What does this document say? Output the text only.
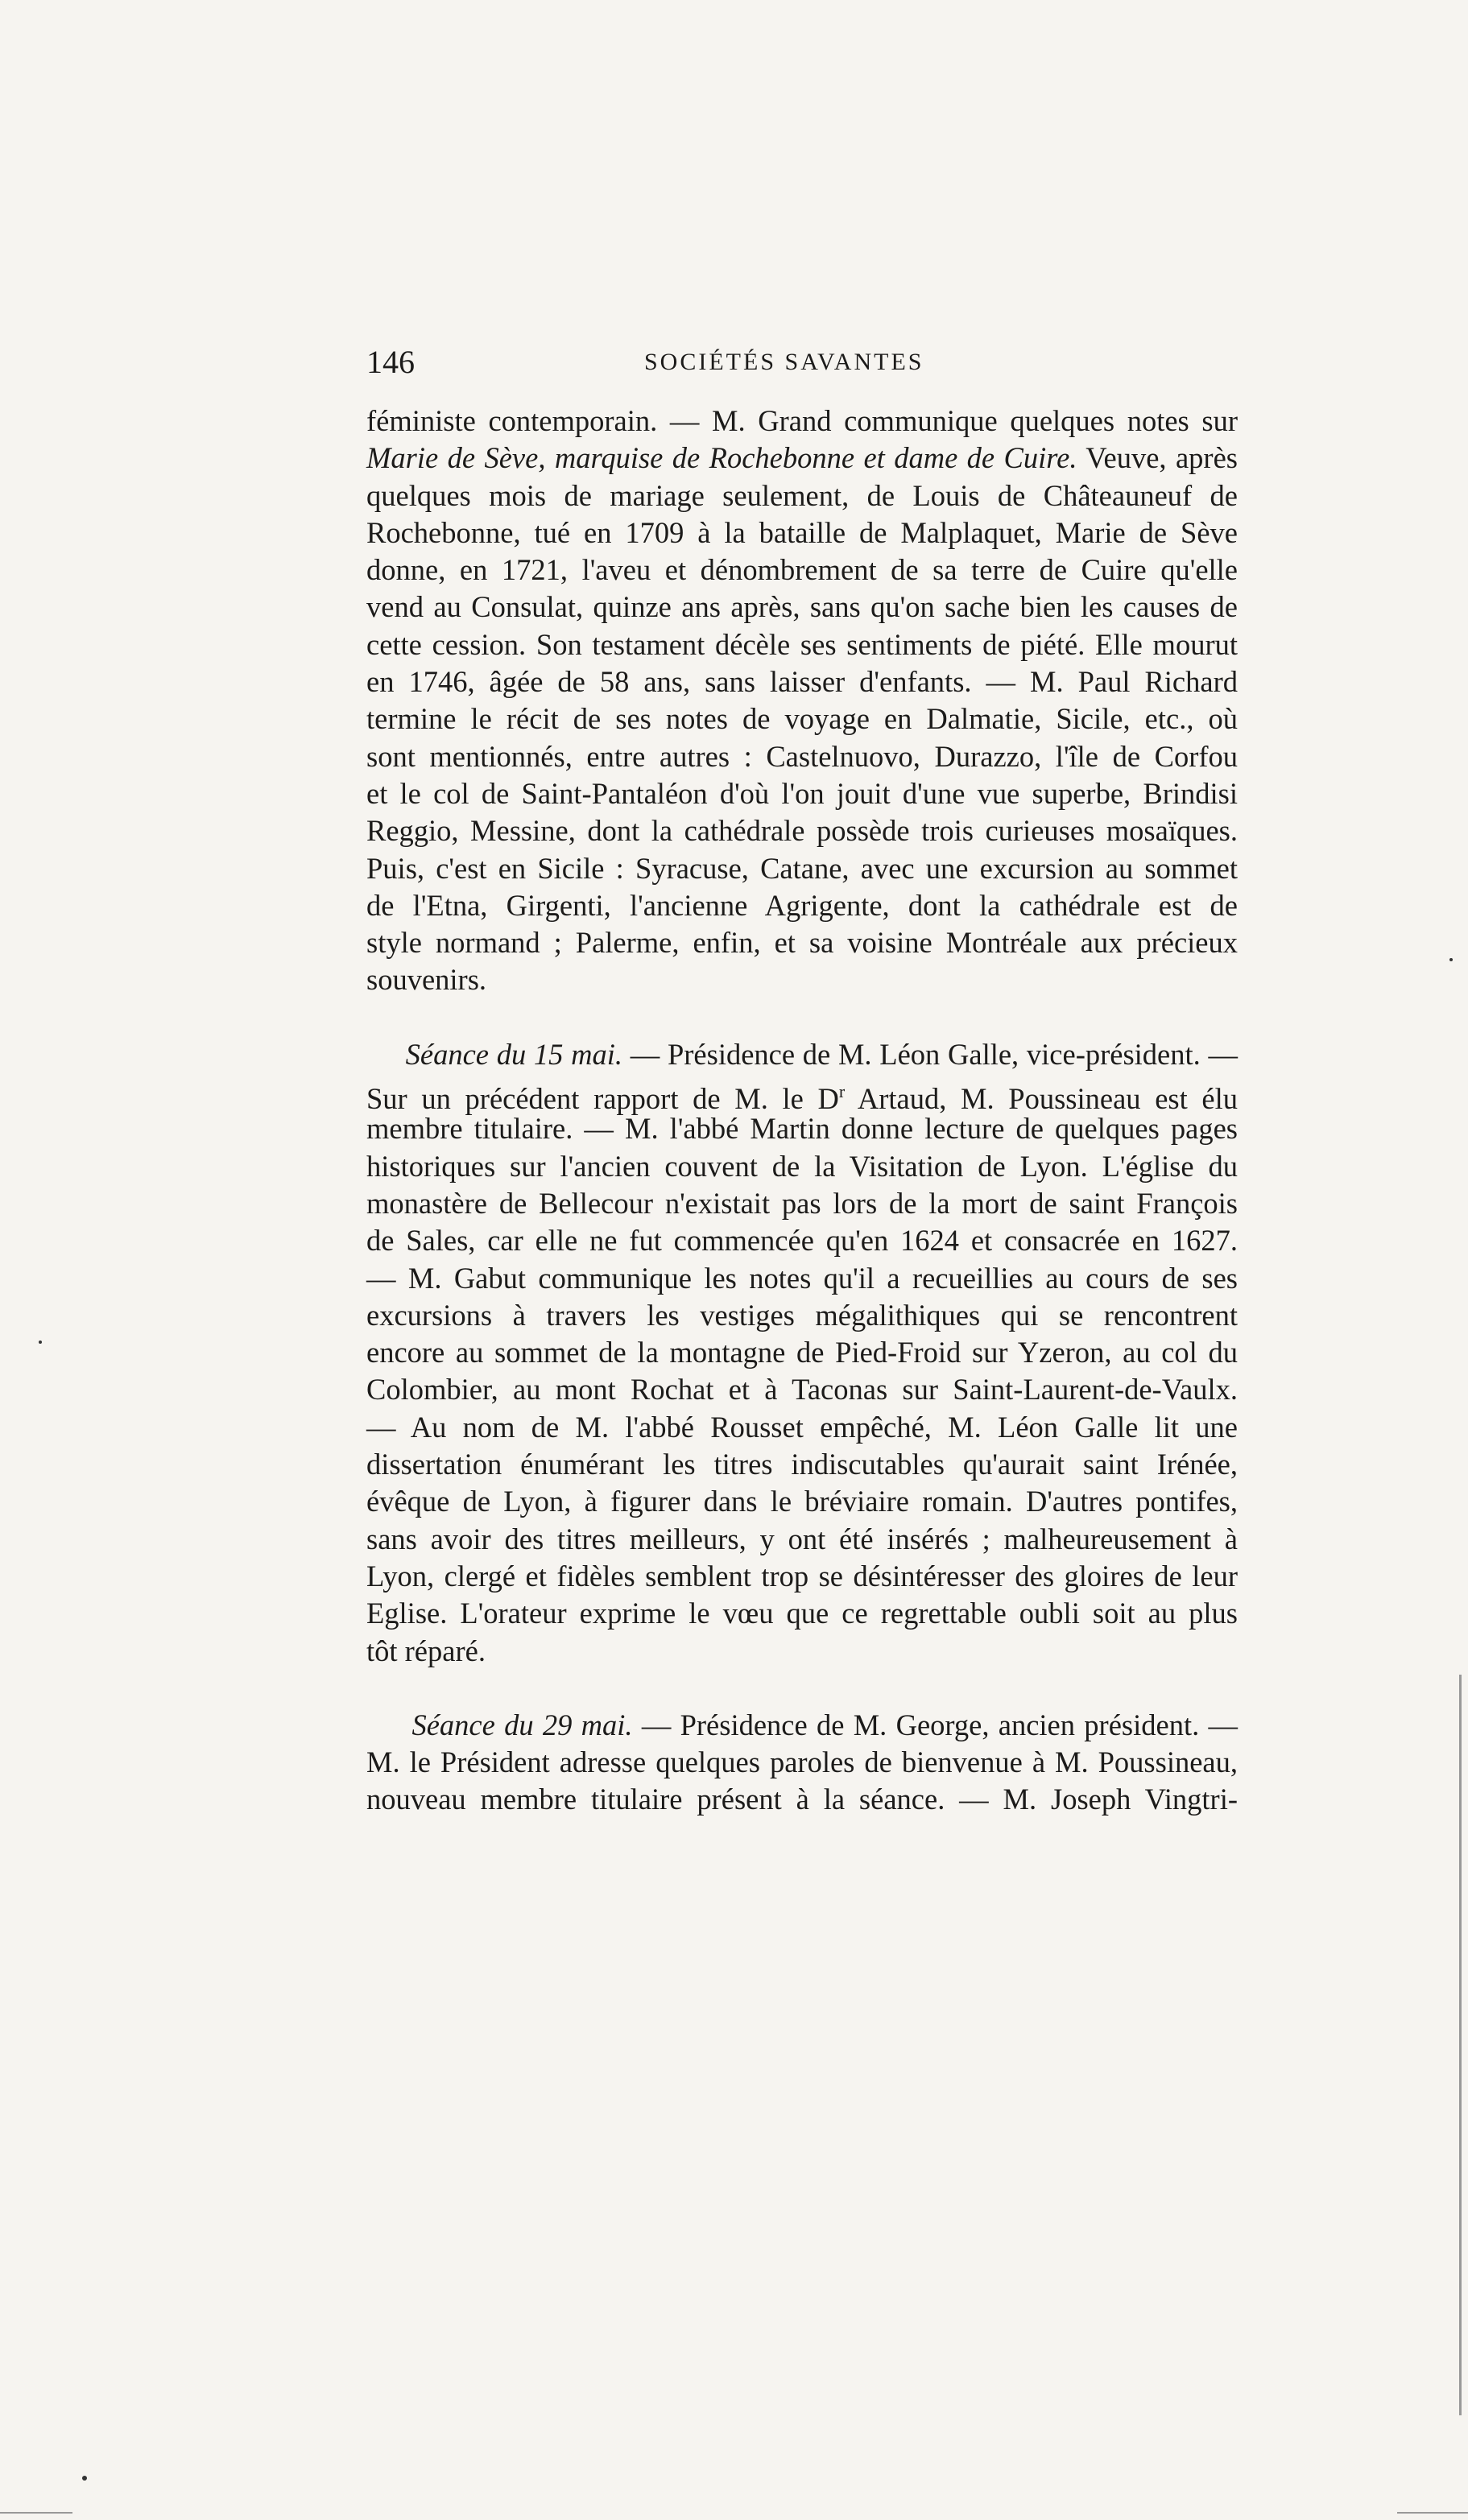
146	SOCIÉTÉS SAVANTES
féministe contemporain. — M. Grand communique quelques notes sur
Marie de Sève, marquise de Rochebonne et dame de Cuire. Veuve, après
quelques mois de mariage seulement, de Louis de Châteauneuf de
Rochebonne, tué en 1709 à la bataille de Malplaquet, Marie de Sève
donne, en 1721, l'aveu et dénombrement de sa terre de Cuire qu'elle
vend au Consulat, quinze ans après, sans qu'on sache bien les causes de
cette cession. Son testament décèle ses sentiments de piété. Elle mourut
en 1746, âgée de 58 ans, sans laisser d'enfants. — M. Paul Richard
termine le récit de ses notes de voyage en Dalmatie, Sicile, etc., où
sont mentionnés, entre autres : Castelnuovo, Durazzo, l'île de Corfou
et le col de Saint-Pantaléon d'où l'on jouit d'une vue superbe, Brindisi
Reggio, Messine, dont la cathédrale possède trois curieuses mosaïques.
Puis, c'est en Sicile : Syracuse, Catane, avec une excursion au sommet
de l'Etna, Girgenti, l'ancienne Agrigente, dont la cathédrale est de
style normand ; Palerme, enfin, et sa voisine Montréale aux précieux
souvenirs.
Séance du 15 mai. — Présidence de M. Léon Galle, vice-président. —
Sur un précédent rapport de M. le $D^r$ Artaud, M. Poussineau est élu
membre titulaire. — M. l'abbé Martin donne lecture de quelques pages
historiques sur l'ancien couvent de la Visitation de Lyon. L'église du
monastère de Bellecour n'existait pas lors de la mort de saint François
de Sales, car elle ne fut commencée qu'en 1624 et consacrée en 1627.
— M. Gabut communique les notes qu'il a recueillies au cours de ses
excursions à travers les vestiges mégalithiques qui se rencontrent
encore au sommet de la montagne de Pied-Froid sur Yzeron, au col du
Colombier, au mont Rochat et à Taconas sur Saint-Laurent-de-Vaulx.
— Au nom de M. l'abbé Rousset empêché, M. Léon Galle lit une
dissertation énumérant les titres indiscutables qu'aurait saint Irénée,
évêque de Lyon, à figurer dans le bréviaire romain. D'autres pontifes,
sans avoir des titres meilleurs, y ont été insérés ; malheureusement à
Lyon, clergé et fidèles semblent trop se désintéresser des gloires de leur
Eglise. L'orateur exprime le vœu que ce regrettable oubli soit au plus
tôt réparé.
Séance du 29 mai. — Présidence de M. George, ancien président. —
M. le Président adresse quelques paroles de bienvenue à M. Poussineau,
nouveau membre titulaire présent à la séance. — M. Joseph Vingtri-
